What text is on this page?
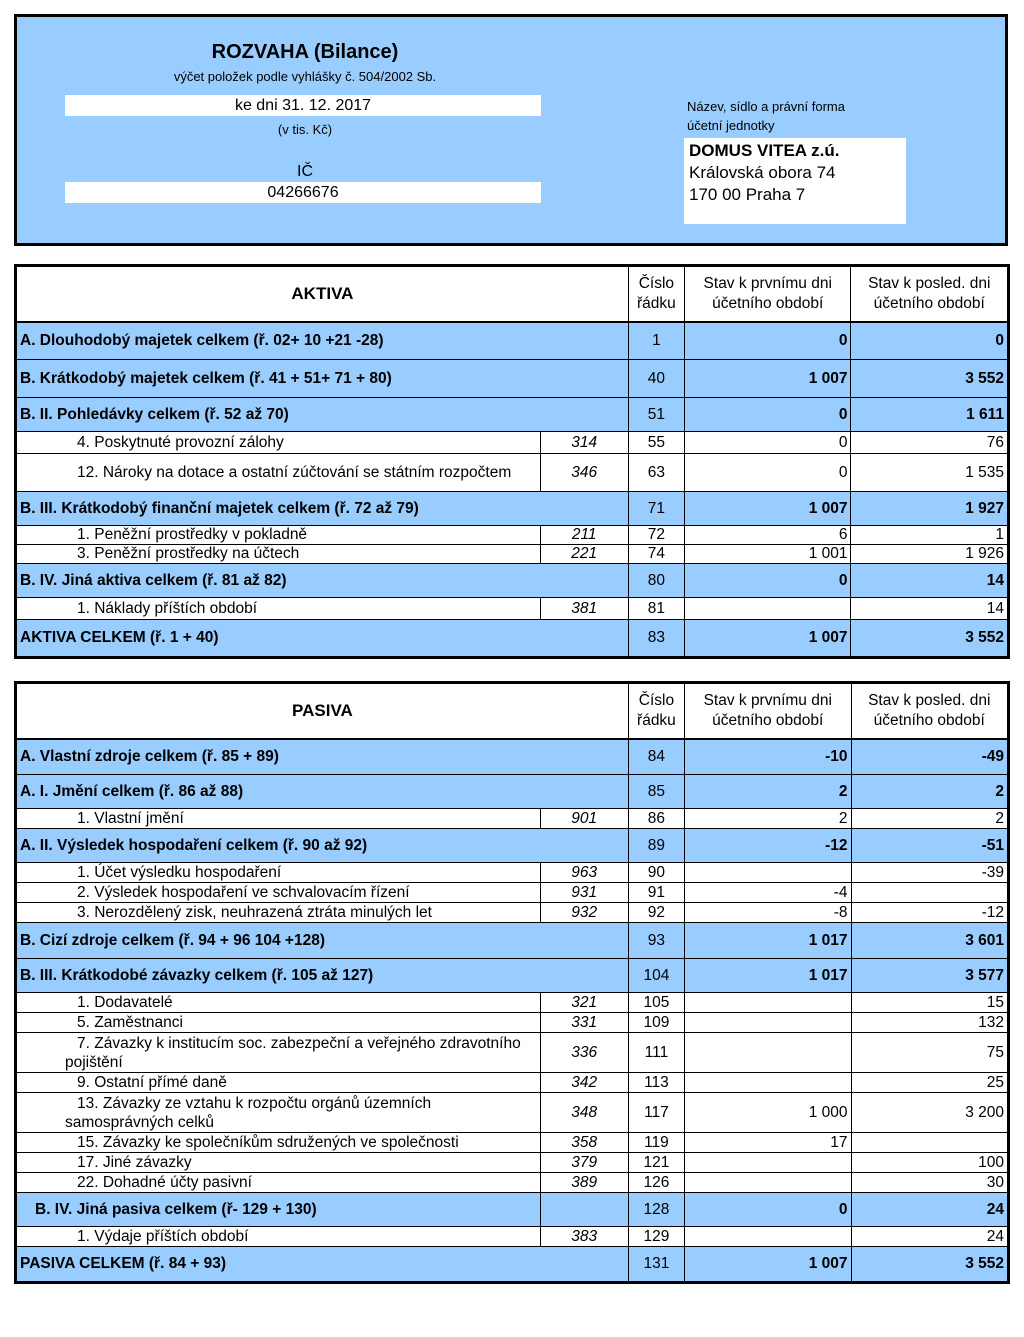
ROZVAHA (Bilance)
výčet položek podle vyhlášky č. 504/2002 Sb.
ke dni 31. 12. 2017
(v tis. Kč)
IČ
04266676
Název, sídlo a právní forma
účetní jednotky
DOMUS VITEA z.ú.
Královská obora 74
170 00 Praha 7
AKTIVA		Číslo
řádku	Stav k prvnímu dni
účetního období	Stav k posled. dni
účetního období
A. Dlouhodobý majetek celkem (ř. 02+ 10 +21 -28)		1	0	0
B. Krátkodobý majetek celkem (ř. 41 + 51+ 71 + 80)		40	1 007	3 552
B. II. Pohledávky celkem (ř. 52 až 70)		51	0	1 611
4. Poskytnuté provozní zálohy	314	55	0	76
12. Nároky na dotace a ostatní zúčtování se státním rozpočtem	346	63	0	1 535
B. III. Krátkodobý finanční majetek celkem (ř. 72 až 79)		71	1 007	1 927
1. Peněžní prostředky v pokladně	211	72	6	1
3. Peněžní prostředky na účtech	221	74	1 001	1 926
B. IV. Jiná aktiva celkem (ř. 81 až 82)		80	0	14
1. Náklady příštích období	381	81		14
AKTIVA CELKEM (ř. 1 + 40)		83	1 007	3 552
PASIVA		Číslo
řádku	Stav k prvnímu dni
účetního období	Stav k posled. dni
účetního období
A. Vlastní zdroje celkem (ř. 85 + 89)		84	-10	-49
A. I. Jmění celkem (ř. 86 až 88)		85	2	2
1. Vlastní jmění	901	86	2	2
A. II. Výsledek hospodaření celkem (ř. 90 až 92)		89	-12	-51
1. Účet výsledku hospodaření	963	90		-39
2. Výsledek hospodaření ve schvalovacím řízení	931	91	-4	
3. Nerozdělený zisk, neuhrazená ztráta minulých let	932	92	-8	-12
B. Cizí zdroje celkem (ř. 94 + 96 104 +128)		93	1 017	3 601
B. III. Krátkodobé závazky celkem (ř. 105 až 127)		104	1 017	3 577
1. Dodavatelé	321	105		15
5. Zaměstnanci	331	109		132
7. Závazky k institucím soc. zabezpeční a veřejného zdravotního pojištění	336	111		75
9. Ostatní přímé daně	342	113		25
13. Závazky ze vztahu k rozpočtu orgánů územních samosprávných celků	348	117	1 000	3 200
15. Závazky ke společníkům sdružených ve společnosti	358	119	17	
17. Jiné závazky	379	121		100
22. Dohadné účty pasivní	389	126		30
B. IV. Jiná pasiva celkem (ř- 129 + 130)		128	0	24
1. Výdaje příštích období	383	129		24
PASIVA CELKEM (ř. 84 + 93)		131	1 007	3 552
